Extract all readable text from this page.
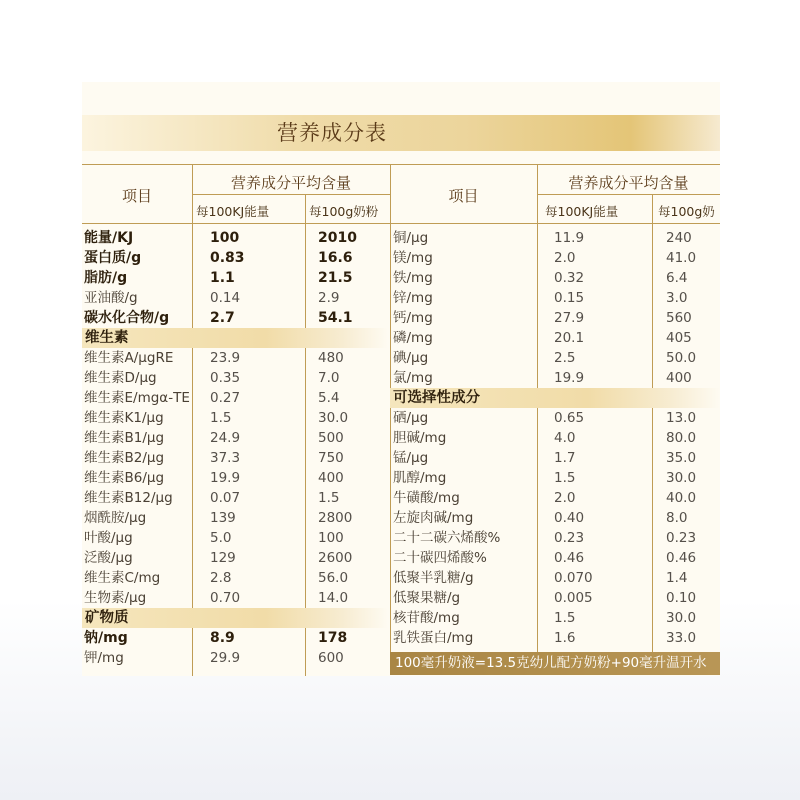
营养成分表
项目
营养成分平均含量
每100KJ能量	每100g奶粉
项目
营养成分平均含量
每100KJ能量	每100g奶
能量/KJ	100	2010
蛋白质/g	0.83	16.6
脂肪/g	1.1	21.5
亚油酸/g	0.14	2.9
碳水化合物/g	2.7	54.1
维生素
维生素A/μgRE	23.9	480
维生素D/μg	0.35	7.0
维生素E/mgα-TE 0.27	5.4
维生素K1/μg	1.5	30.0
维生素B1/μg	24.9	500
维生素B2/μg	37.3	750
维生素B6/μg	19.9	400
维生素B12/μg	0.07	1.5
烟酰胺/μg	139	2800
叶酸/μg	5.0	100
泛酸/μg	129	2600
维生素C/mg	2.8	56.0
生物素/μg	0.70	14.0
矿物质
钠/mg	8.9	178
钾/mg	29.9	600
铜/μg	11.9	240
镁/mg	2.0	41.0
铁/mg	0.32	6.4
锌/mg	0.15	3.0
钙/mg	27.9	560
磷/mg	20.1	405
碘/μg	2.5	50.0
氯/mg	19.9	400
可选择性成分
硒/μg	0.65	13.0
胆碱/mg	4.0	80.0
锰/μg	1.7	35.0
肌醇/mg	1.5	30.0
牛磺酸/mg	2.0	40.0
左旋肉碱/mg	0.40	8.0
二十二碳六烯酸%	0.23	0.23
二十碳四烯酸%	0.46	0.46
低聚半乳糖/g	0.070	1.4
低聚果糖/g	0.005	0.10
核苷酸/mg	1.5	30.0
乳铁蛋白/mg	1.6	33.0
100毫升奶液=13.5克幼儿配方奶粉+90毫升温开水
